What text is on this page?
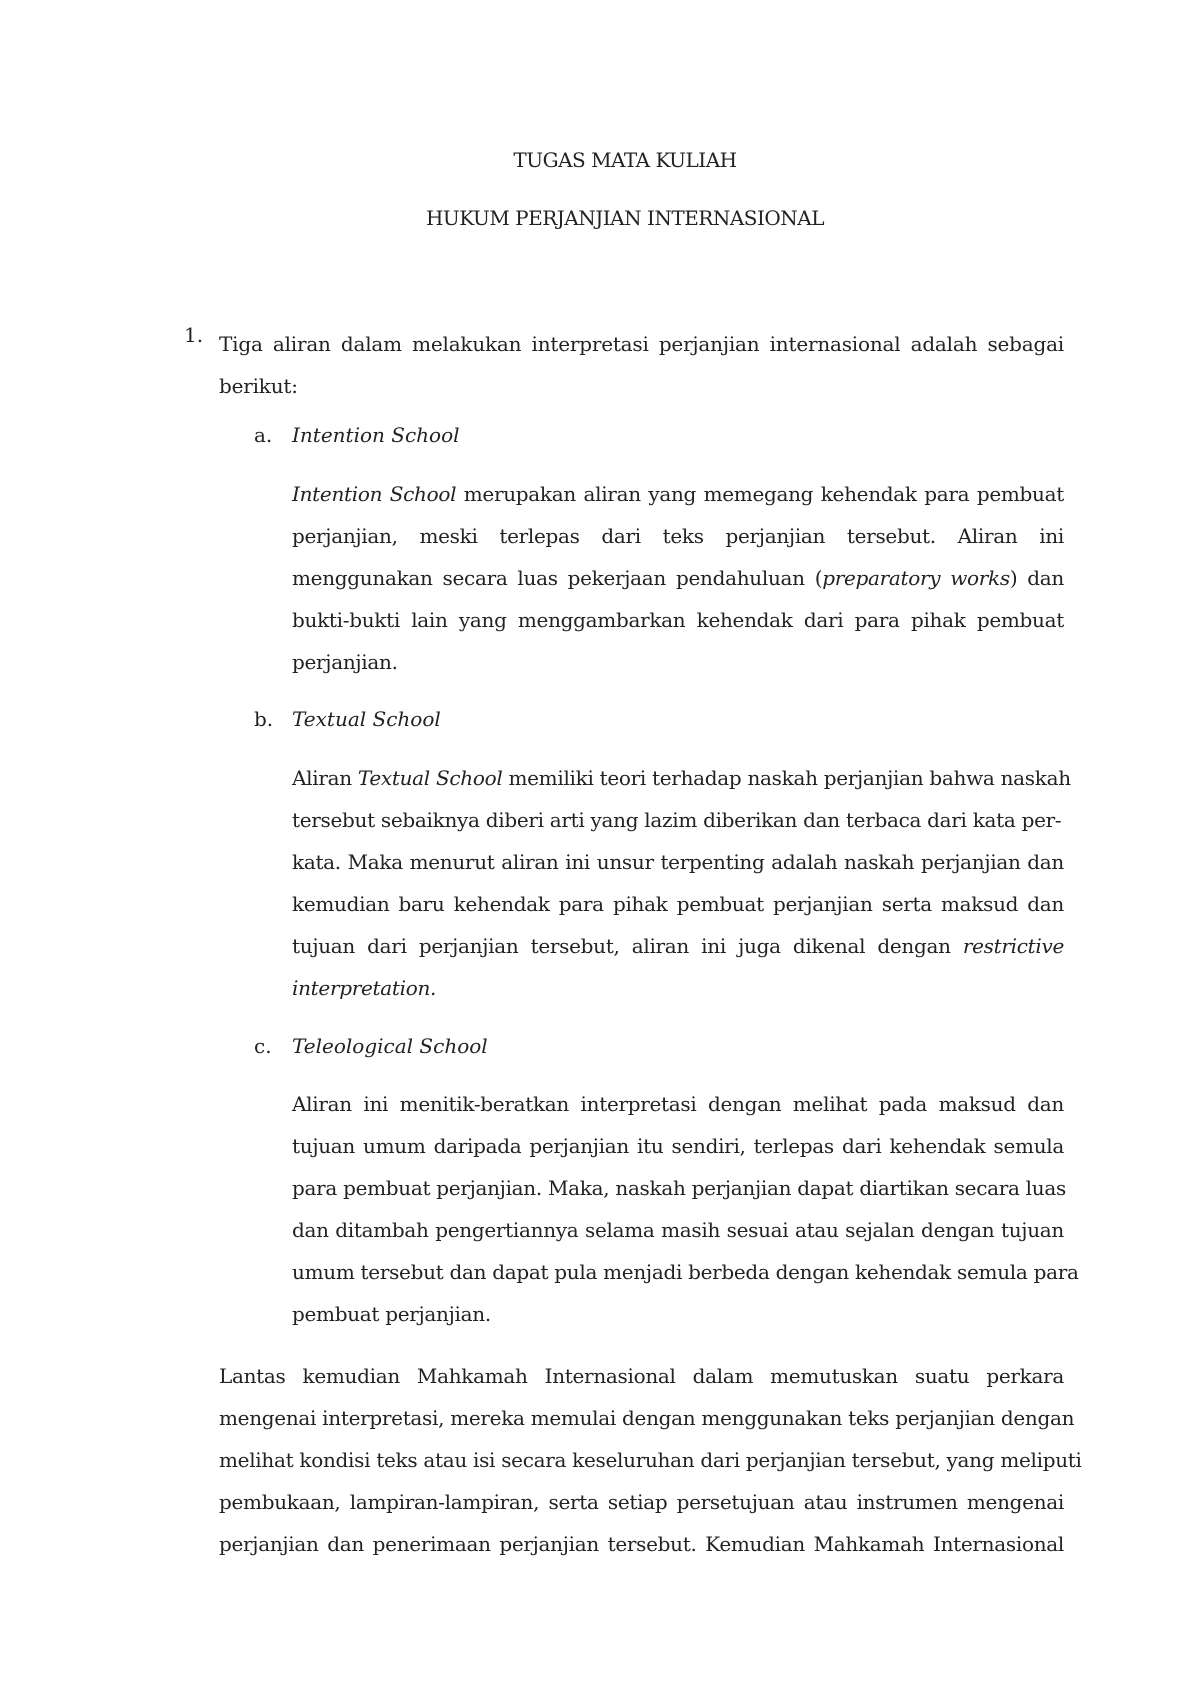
TUGAS MATA KULIAH
HUKUM PERJANJIAN INTERNASIONAL
1. Tiga aliran dalam melakukan interpretasi perjanjian internasional adalah sebagai
berikut:

a. Intention School

Intention School merupakan aliran yang memegang kehendak para pembuat
perjanjian, meski terlepas dari teks perjanjian tersebut. Aliran ini
menggunakan secara luas pekerjaan pendahuluan (preparatory works) dan
bukti-bukti lain yang menggambarkan kehendak dari para pihak pembuat
perjanjian.

b. Textual School

Aliran Textual School memiliki teori terhadap naskah perjanjian bahwa naskah
tersebut sebaiknya diberi arti yang lazim diberikan dan terbaca dari kata per-
kata. Maka menurut aliran ini unsur terpenting adalah naskah perjanjian dan
kemudian baru kehendak para pihak pembuat perjanjian serta maksud dan
tujuan dari perjanjian tersebut, aliran ini juga dikenal dengan restrictive
interpretation.

c. Teleological School

Aliran ini menitik-beratkan interpretasi dengan melihat pada maksud dan
tujuan umum daripada perjanjian itu sendiri, terlepas dari kehendak semula
para pembuat perjanjian. Maka, naskah perjanjian dapat diartikan secara luas
dan ditambah pengertiannya selama masih sesuai atau sejalan dengan tujuan
umum tersebut dan dapat pula menjadi berbeda dengan kehendak semula para
pembuat perjanjian.

Lantas kemudian Mahkamah Internasional dalam memutuskan suatu perkara
mengenai interpretasi, mereka memulai dengan menggunakan teks perjanjian dengan
melihat kondisi teks atau isi secara keseluruhan dari perjanjian tersebut, yang meliputi
pembukaan, lampiran-lampiran, serta setiap persetujuan atau instrumen mengenai
perjanjian dan penerimaan perjanjian tersebut. Kemudian Mahkamah Internasional
